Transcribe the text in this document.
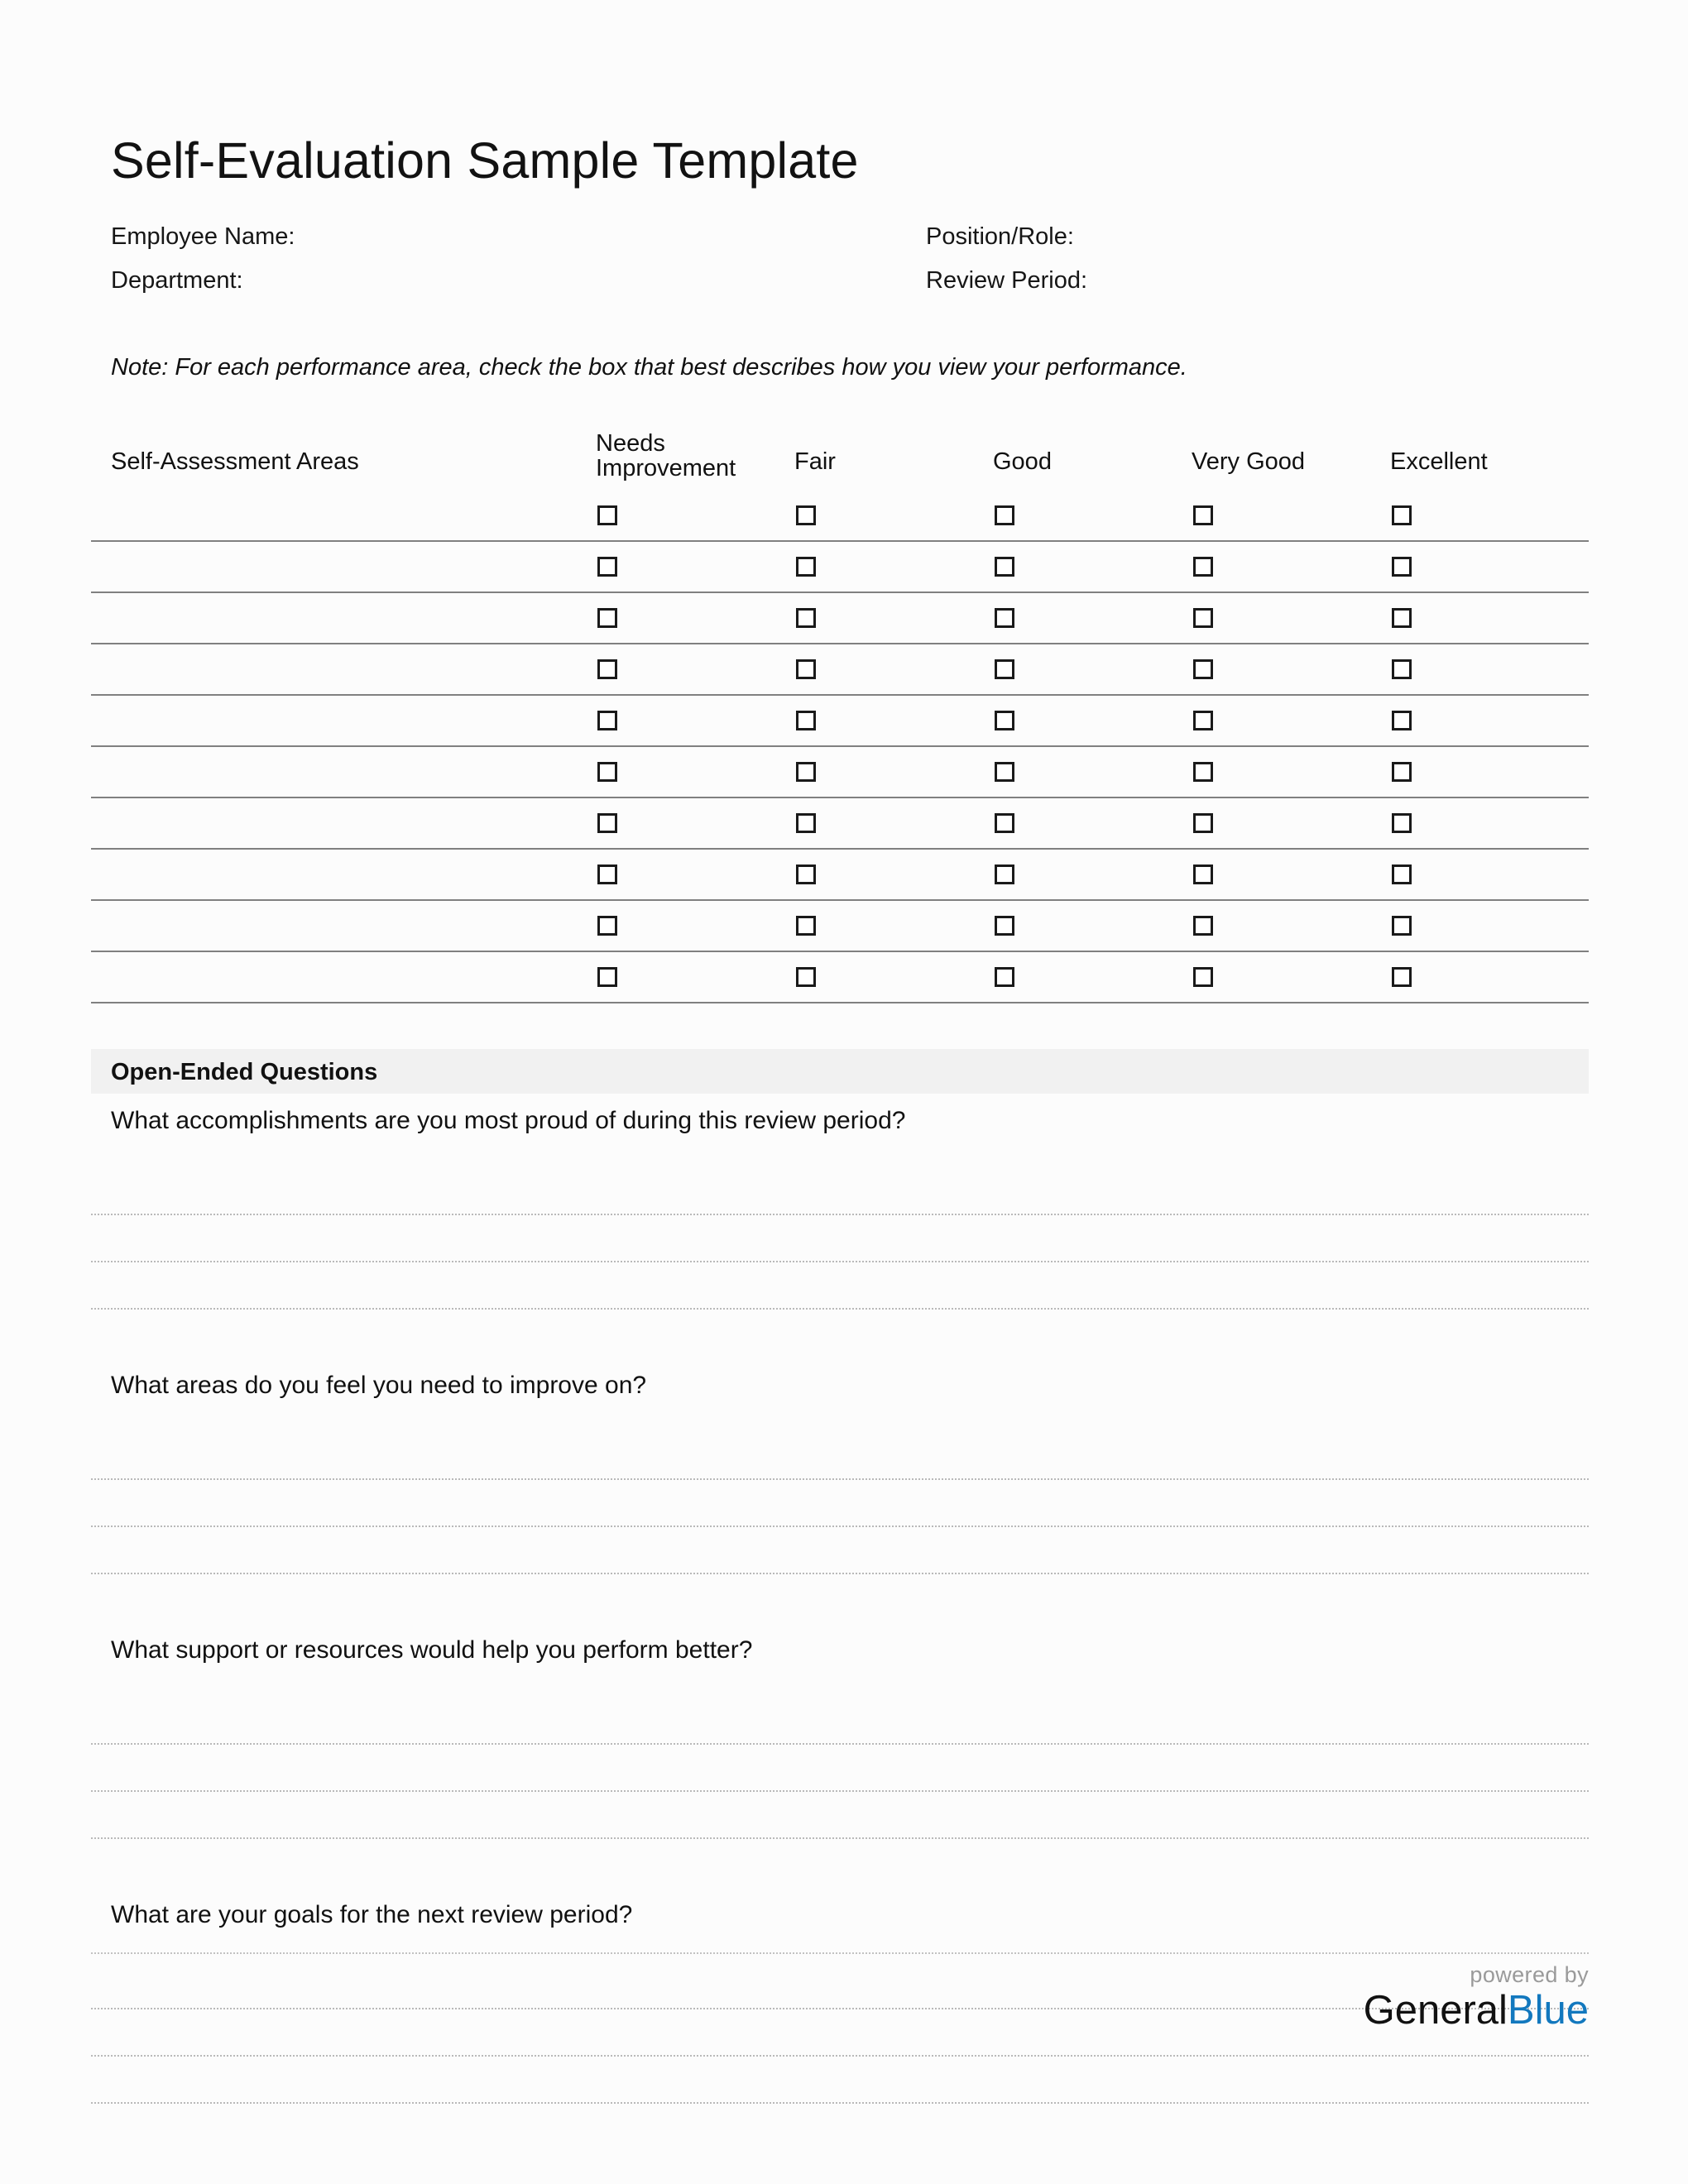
Self-Evaluation Sample Template
Employee Name:	Position/Role:
Department:	Review Period:
Note: For each performance area, check the box that best describes how you view your performance.
Self-Assessment Areas	Needs Improvement	Fair	Good	Very Good	Excellent

Open-Ended Questions
What accomplishments are you most proud of during this review period?
What areas do you feel you need to improve on?
What support or resources would help you perform better?
What are your goals for the next review period?
powered by
GeneralBlue
